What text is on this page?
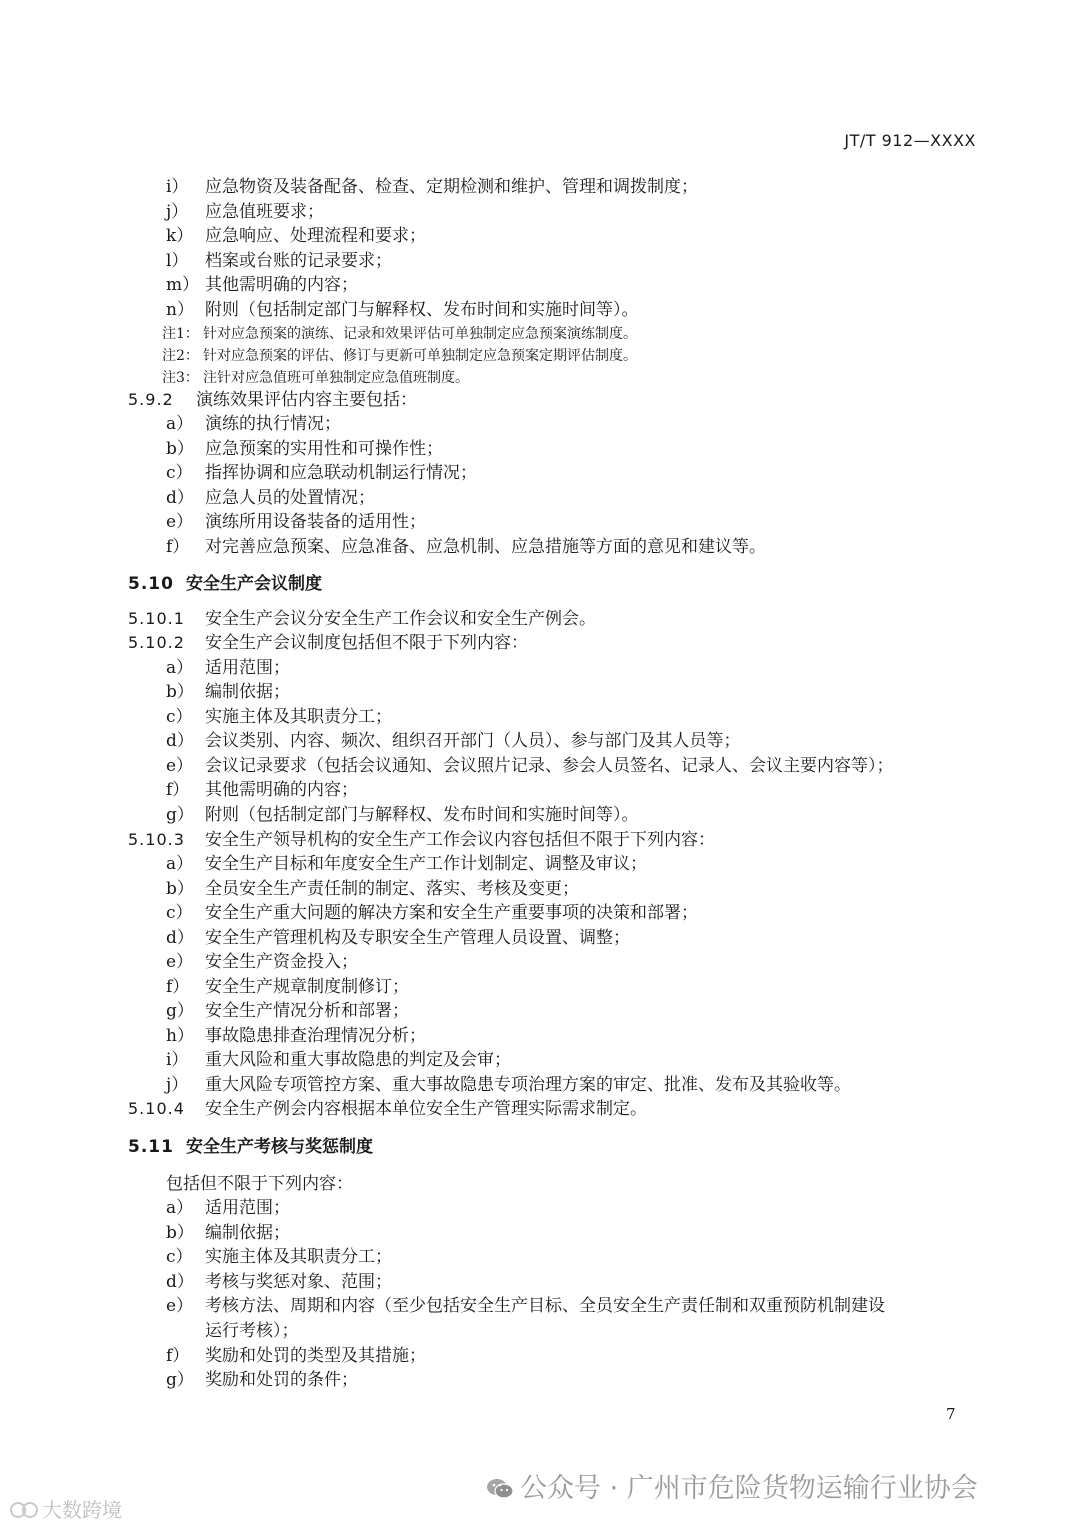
JT/T 912—XXXX
i） 应急物资及装备配备、检查、定期检测和维护、管理和调拨制度；
j） 应急值班要求；
k） 应急响应、处理流程和要求；
l） 档案或台账的记录要求；
m） 其他需明确的内容；
n） 附则（包括制定部门与解释权、发布时间和实施时间等）。
注1： 针对应急预案的演练、记录和效果评估可单独制定应急预案演练制度。
注2： 针对应急预案的评估、修订与更新可单独制定应急预案定期评估制度。
注3： 注针对应急值班可单独制定应急值班制度。
5.9.2 演练效果评估内容主要包括：
a） 演练的执行情况；
b） 应急预案的实用性和可操作性；
c） 指挥协调和应急联动机制运行情况；
d） 应急人员的处置情况；
e） 演练所用设备装备的适用性；
f） 对完善应急预案、应急准备、应急机制、应急措施等方面的意见和建议等。
5.10 安全生产会议制度
5.10.1 安全生产会议分安全生产工作会议和安全生产例会。
5.10.2 安全生产会议制度包括但不限于下列内容：
a） 适用范围；
b） 编制依据；
c） 实施主体及其职责分工；
d） 会议类别、内容、频次、组织召开部门（人员）、参与部门及其人员等；
e） 会议记录要求（包括会议通知、会议照片记录、参会人员签名、记录人、会议主要内容等）；
f） 其他需明确的内容；
g） 附则（包括制定部门与解释权、发布时间和实施时间等）。
5.10.3 安全生产领导机构的安全生产工作会议内容包括但不限于下列内容：
a） 安全生产目标和年度安全生产工作计划制定、调整及审议；
b） 全员安全生产责任制的制定、落实、考核及变更；
c） 安全生产重大问题的解决方案和安全生产重要事项的决策和部署；
d） 安全生产管理机构及专职安全生产管理人员设置、调整；
e） 安全生产资金投入；
f） 安全生产规章制度制修订；
g） 安全生产情况分析和部署；
h） 事故隐患排查治理情况分析；
i） 重大风险和重大事故隐患的判定及会审；
j） 重大风险专项管控方案、重大事故隐患专项治理方案的审定、批准、发布及其验收等。
5.10.4 安全生产例会内容根据本单位安全生产管理实际需求制定。
5.11 安全生产考核与奖惩制度
包括但不限于下列内容：
a） 适用范围；
b） 编制依据；
c） 实施主体及其职责分工；
d） 考核与奖惩对象、范围；
e） 考核方法、周期和内容（至少包括安全生产目标、全员安全生产责任制和双重预防机制建设
运行考核）；
f） 奖励和处罚的类型及其措施；
g） 奖励和处罚的条件；
7
公众号 · 广州市危险货物运输行业协会
大数跨境
